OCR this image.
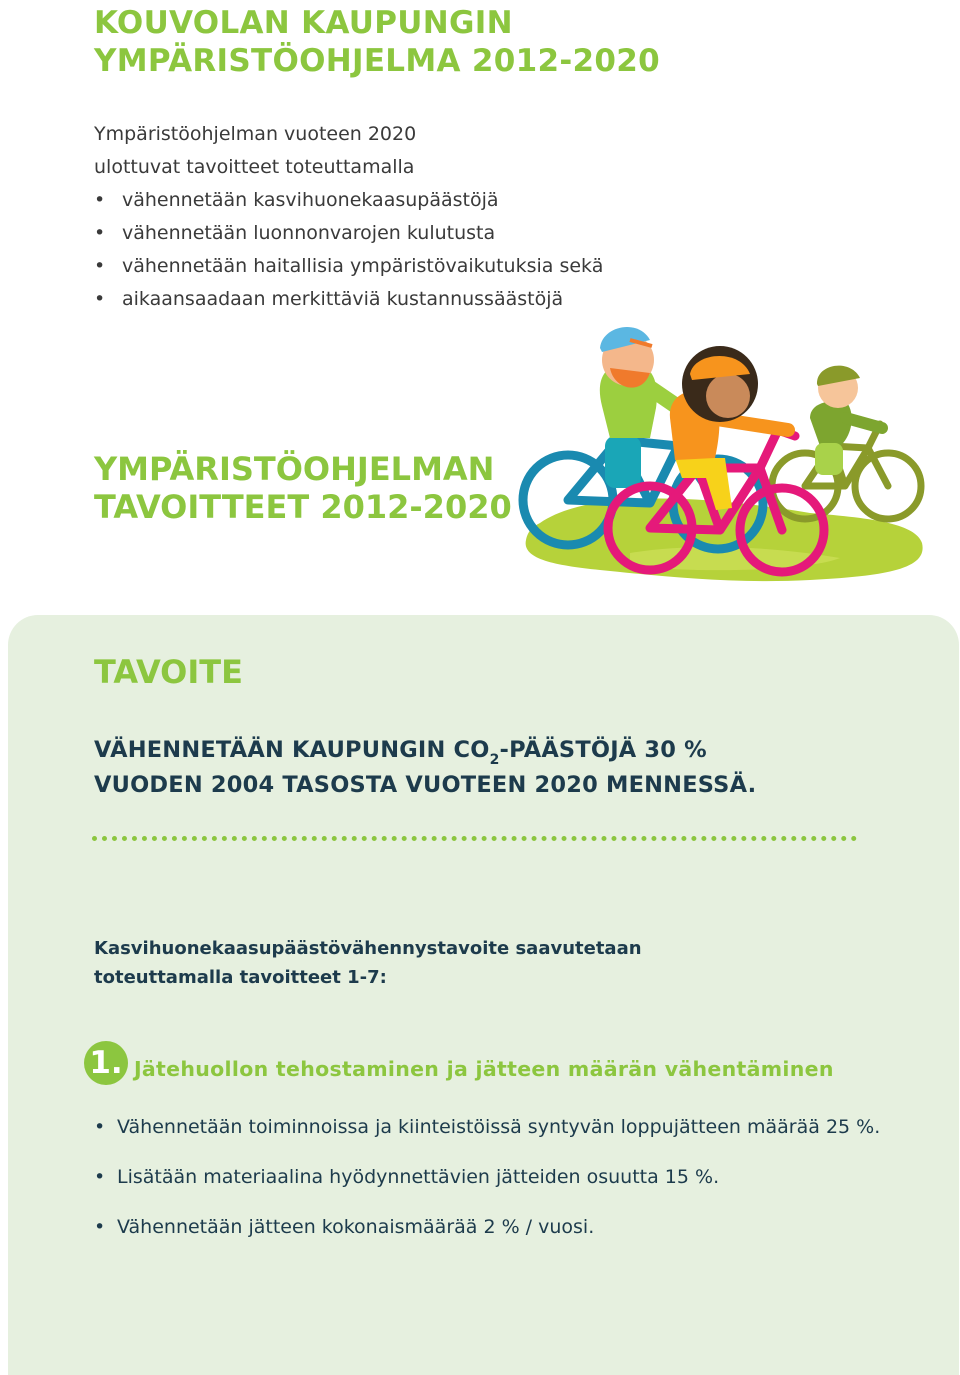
KOUVOLAN KAUPUNGIN
YMPÄRISTÖOHJELMA 2012-2020
Ympäristöohjelman vuoteen 2020
ulottuvat tavoitteet toteuttamalla
• vähennetään kasvihuonekaasupäästöjä
• vähennetään luonnonvarojen kulutusta
• vähennetään haitallisia ympäristövaikutuksia sekä
• aikaansaadaan merkittäviä kustannussäästöjä
YMPÄRISTÖOHJELMAN
TAVOITTEET 2012-2020
TAVOITE
VÄHENNETÄÄN KAUPUNGIN $CO_2$-PÄÄSTÖJÄ 30 %
VUODEN 2004 TASOSTA VUOTEEN 2020 MENNESSÄ.
Kasvihuonekaasupäästövähennystavoite saavutetaan
toteuttamalla tavoitteet 1-7:
1. Jätehuollon tehostaminen ja jätteen määrän vähentäminen
• Vähennetään toiminnoissa ja kiinteistöissä syntyvän loppujätteen määrää 25 %.
• Lisätään materiaalina hyödynnettävien jätteiden osuutta 15 %.
• Vähennetään jätteen kokonaismäärää 2 % / vuosi.
